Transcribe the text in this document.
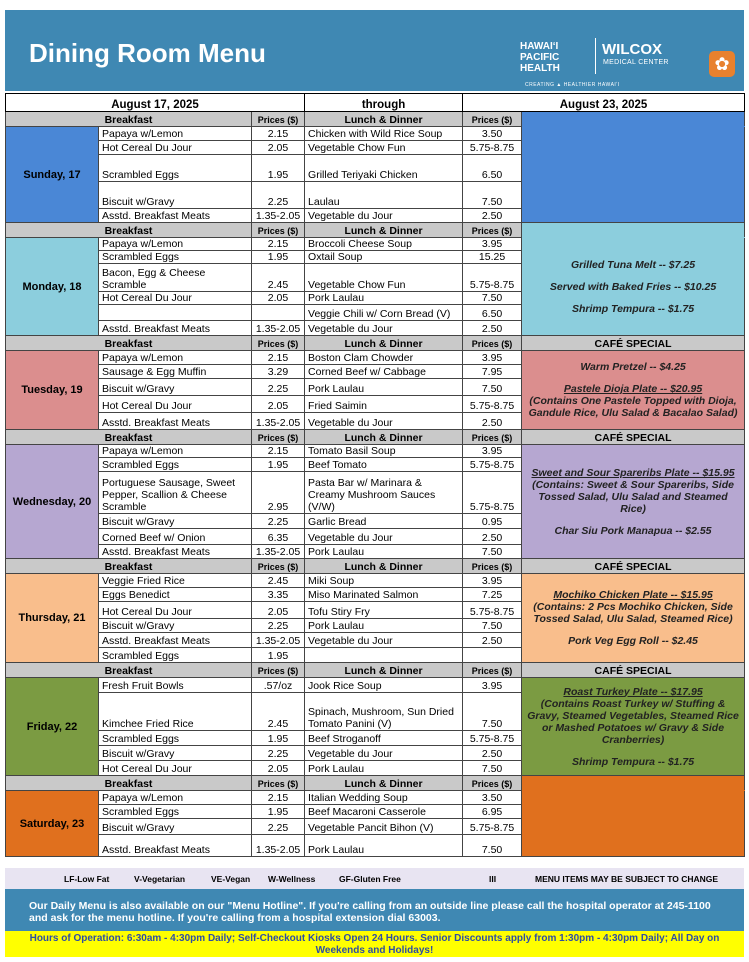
Dining Room Menu	HAWAIʻI
PACIFIC
HEALTH
CREATING ▲ HEALTHIER HAWAIʻI
WILCOX
MEDICAL CENTER	✿
August 17, 2025			through	August 23, 2025	
Breakfast		Prices ($)	Lunch & Dinner	Prices ($)	
Sunday, 17	Papaya w/Lemon	2.15	Chicken with Wild Rice Soup	3.50	
	Hot Cereal Du Jour	2.05	Vegetable Chow Fun	5.75-8.75	
	Scrambled Eggs	1.95	Grilled Teriyaki Chicken	6.50	
	Biscuit w/Gravy	2.25	Laulau	7.50	
	Asstd. Breakfast Meats	1.35-2.05	Vegetable du Jour	2.50	
Breakfast		Prices ($)	Lunch & Dinner	Prices ($)	
Monday, 18	Papaya w/Lemon	2.15	Broccoli Cheese Soup	3.95	Grilled Tuna Melt -- $7.25
Served with Baked Fries -- $10.25
Shrimp Tempura -- $1.75

	Scrambled Eggs	1.95	Oxtail Soup	15.25	
	Bacon, Egg & Cheese Scramble	2.45	Vegetable Chow Fun	5.75-8.75	
	Hot Cereal Du Jour	2.05	Pork Laulau	7.50	
			Veggie Chili w/ Corn Bread (V)	6.50	
	Asstd. Breakfast Meats	1.35-2.05	Vegetable du Jour	2.50	
Breakfast		Prices ($)	Lunch & Dinner	Prices ($)	CAFÉ SPECIAL
Tuesday, 19	Papaya w/Lemon	2.15	Boston Clam Chowder	3.95	Warm Pretzel -- $4.25
Pastele Dioja Plate -- $20.95
(Contains One Pastele Topped with Dioja, Gandule Rice, Ulu Salad & Bacalao Salad)

	Sausage & Egg Muffin	3.29	Corned Beef w/ Cabbage	7.95	
	Biscuit w/Gravy	2.25	Pork Laulau	7.50	
	Hot Cereal Du Jour	2.05	Fried Saimin	5.75-8.75	
	Asstd. Breakfast Meats	1.35-2.05	Vegetable du Jour	2.50	
Breakfast		Prices ($)	Lunch & Dinner	Prices ($)	CAFÉ SPECIAL
Wednesday, 20	Papaya w/Lemon	2.15	Tomato Basil Soup	3.95	Sweet and Sour Spareribs Plate -- $15.95
(Contains: Sweet & Sour Spareribs, Side Tossed Salad, Ulu Salad and Steamed Rice)
Char Siu Pork Manapua -- $2.55

	Scrambled Eggs	1.95	Beef Tomato	5.75-8.75	
	Portuguese Sausage, Sweet Pepper, Scallion & Cheese Scramble	2.95	Pasta Bar w/ Marinara & Creamy Mushroom Sauces (V/W)	5.75-8.75	
	Biscuit w/Gravy	2.25	Garlic Bread	0.95	
	Corned Beef w/ Onion	6.35	Vegetable du Jour	2.50	
	Asstd. Breakfast Meats	1.35-2.05	Pork Laulau	7.50	
Breakfast		Prices ($)	Lunch & Dinner	Prices ($)	CAFÉ SPECIAL
Thursday, 21	Veggie Fried Rice	2.45	Miki Soup	3.95	Mochiko Chicken Plate -- $15.95
(Contains: 2 Pcs Mochiko Chicken, Side Tossed Salad, Ulu Salad, Steamed Rice)
Pork Veg Egg Roll -- $2.45

	Eggs Benedict	3.35	Miso Marinated Salmon	7.25	
	Hot Cereal Du Jour	2.05	Tofu Stiry Fry	5.75-8.75	
	Biscuit w/Gravy	2.25	Pork Laulau	7.50	
	Asstd. Breakfast Meats	1.35-2.05	Vegetable du Jour	2.50	
	Scrambled Eggs	1.95			
Breakfast		Prices ($)	Lunch & Dinner	Prices ($)	CAFÉ SPECIAL
Friday, 22	Fresh Fruit Bowls	.57/oz	Jook Rice Soup	3.95	Roast Turkey Plate -- $17.95
(Contains Roast Turkey w/ Stuffing & Gravy, Steamed Vegetables, Steamed Rice or Mashed Potatoes w/ Gravy & Side Cranberries)
Shrimp Tempura -- $1.75

	Kimchee Fried Rice	2.45	Spinach, Mushroom, Sun Dried Tomato Panini (V)	7.50	
	Scrambled Eggs	1.95	Beef Stroganoff	5.75-8.75	
	Biscuit w/Gravy	2.25	Vegetable du Jour	2.50	
	Hot Cereal Du Jour	2.05	Pork Laulau	7.50	
Breakfast		Prices ($)	Lunch & Dinner	Prices ($)	
Saturday, 23	Papaya w/Lemon	2.15	Italian Wedding Soup	3.50	
	Scrambled Eggs	1.95	Beef Macaroni Casserole	6.95	
	Biscuit w/Gravy	2.25	Vegetable Pancit Bihon (V)	5.75-8.75	
	Asstd. Breakfast Meats	1.35-2.05	Pork Laulau	7.50	
LF-Low Fat	V-Vegetarian	VE-Vegan W-Wellness	GF-Gluten Free	III	MENU ITEMS MAY BE SUBJECT TO CHANGE
Our Daily Menu is also available on our "Menu Hotline". If you're calling from an outside line please call the hospital operator at 245-1100 and ask for the menu hotline. If you're calling from a hospital extension dial 63003.
Hours of Operation: 6:30am - 4:30pm Daily; Self-Checkout Kiosks Open 24 Hours. Senior Discounts apply from 1:30pm - 4:30pm Daily; All Day on Weekends and Holidays!
